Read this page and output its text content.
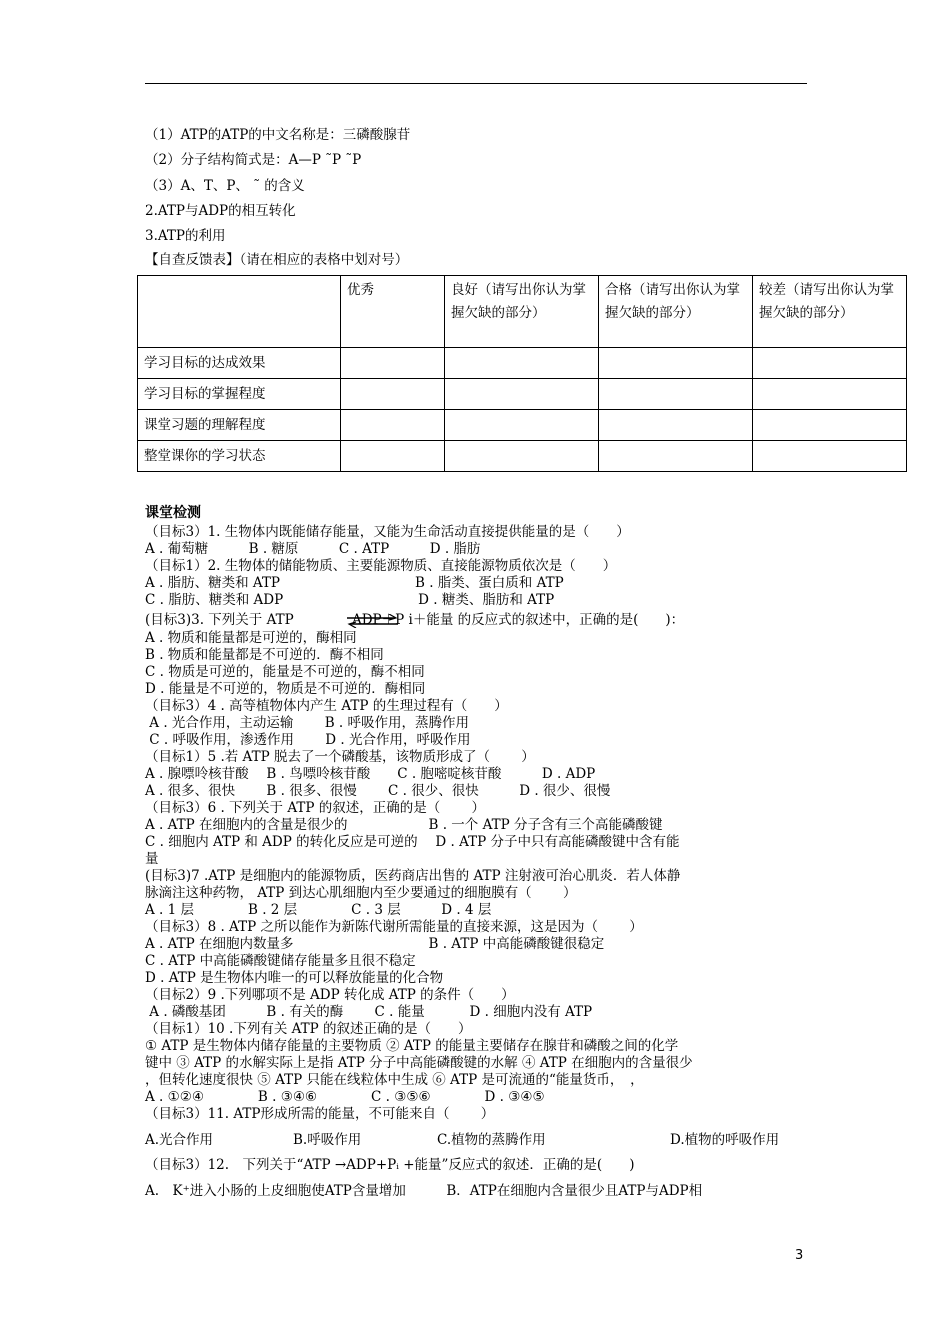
（1）ATP的ATP的中文名称是：三磷酸腺苷
（2）分子结构简式是：A—P ˜P ˜P
（3）A、T、P、 ˜ 的含义
2.ATP与ADP的相互转化
3.ATP的利用
【自查反馈表】（请在相应的表格中划对号）
	优秀	良好（请写出你认为掌握欠缺的部分）	合格（请写出你认为掌握欠缺的部分）	较差（请写出你认为掌握欠缺的部分）
学习目标的达成效果				
学习目标的掌握程度				
课堂习题的理解程度				
整堂课你的学习状态				
课堂检测
（目标3）1. 生物体内既能储存能量，又能为生命活动直接提供能量的是（　　）
A . 葡萄糖　　　B . 糖原　　　C . ATP　　　D . 脂肪
（目标1）2. 生物体的储能物质、主要能源物质、直接能源物质依次是（　　）
A . 脂肪、糖类和 ATP　　　　　　　　　　B . 脂类、蛋白质和 ATP
C . 脂肪、糖类和 ADP　　　　　　　　　　D . 糖类、脂肪和 ATP
(目标3)3. 下列关于 ATP 　　　　ADP＋P i＋能量 的反应式的叙述中，正确的是(　　)：
A . 物质和能量都是可逆的，酶相同
B . 物质和能量都是不可逆的．酶不相同
C . 物质是可逆的，能量是不可逆的，酶不相同
D . 能量是不可逆的，物质是不可逆的．酶相同
（目标3）4 . 高等植物体内产生 ATP 的生理过程有（　　）
A . 光合作用，主动运输　　 B . 呼吸作用，蒸腾作用
C . 呼吸作用，渗透作用　　 D . 光合作用，呼吸作用
（目标1）5 .若 ATP 脱去了一个磷酸基，该物质形成了（　　 ）
A . 腺嘌呤核苷酸　 B . 鸟嘌呤核苷酸　　C . 胞嘧啶核苷酸　　　D . ADP
A . 很多、很快　　 B . 很多、很慢　　 C . 很少、很快　　　D . 很少、很慢
（目标3）6 . 下列关于 ATP 的叙述，正确的是（　　 ）
A . ATP 在细胞内的含量是很少的　　　　　　B . 一个 ATP 分子含有三个高能磷酸键
C . 细胞内 ATP 和 ADP 的转化反应是可逆的　 D . ATP 分子中只有高能磷酸键中含有能
量
(目标3)7 .ATP 是细胞内的能源物质，医药商店出售的 ATP 注射液可治心肌炎．若人体静
脉滴注这种药物， ATP 到达心肌细胞内至少要通过的细胞膜有（　　 ）
A . 1 层　　　　B . 2 层　　　　C . 3 层　　　D . 4 层
（目标3）8 . ATP 之所以能作为新陈代谢所需能量的直接来源，这是因为（　　 ）
A . ATP 在细胞内数量多　　　　　　　　　　B . ATP 中高能磷酸键很稳定
C . ATP 中高能磷酸键储存能量多且很不稳定
D . ATP 是生物体内唯一的可以释放能量的化合物
（目标2）9 .下列哪项不是 ADP 转化成 ATP 的条件（　　）
A . 磷酸基团　　　B . 有关的酶　　 C . 能量　　　 D . 细胞内没有 ATP
（目标1）10 .下列有关 ATP 的叙述正确的是（　　）
① ATP 是生物体内储存能量的主要物质 ② ATP 的能量主要储存在腺苷和磷酸之间的化学
键中 ③ ATP 的水解实际上是指 ATP 分子中高能磷酸键的水解 ④ ATP 在细胞内的含量很少
，但转化速度很快 ⑤ ATP 只能在线粒体中生成 ⑥ ATP 是可流通的“能量货币，　，
A . ①②④　　　　B . ③④⑥　　　　C . ③⑤⑥　　　　D . ③④⑤
（目标3）11. ATP形成所需的能量，不可能来自（　　 ）
A.光合作用	B.呼吸作用	C.植物的蒸腾作用	D.植物的呼吸作用
（目标3）12.　下列关于“ATP →ADP+Pᵢ +能量”反应式的叙述．正确的是(　　)
A.　K⁺进入小肠的上皮细胞使ATP含量增加　　　B．ATP在细胞内含量很少且ATP与ADP相
3
